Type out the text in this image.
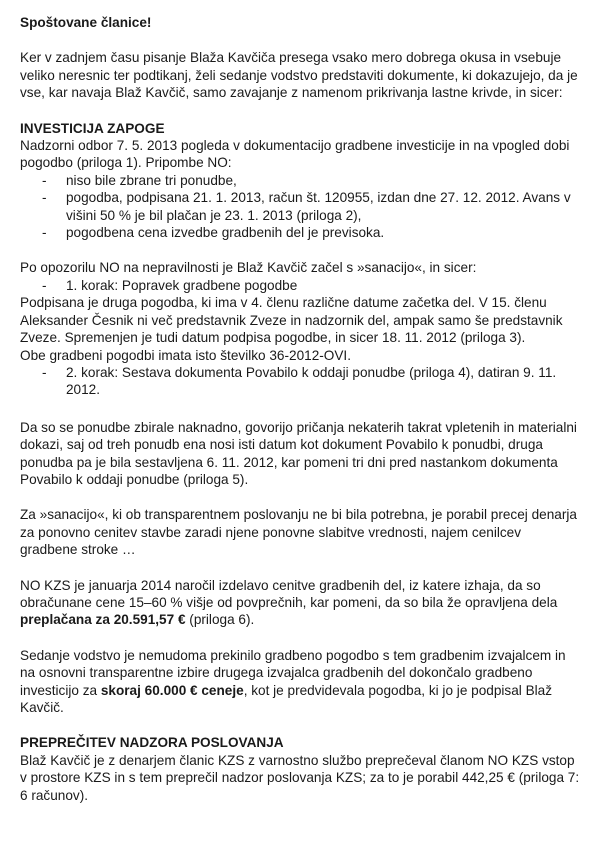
Spoštovane članice!

Ker v zadnjem času pisanje Blaža Kavčiča presega vsako mero dobrega okusa in vsebuje veliko neresnic ter podtikanj, želi sedanje vodstvo predstaviti dokumente, ki dokazujejo, da je vse, kar navaja Blaž Kavčič, samo zavajanje z namenom prikrivanja lastne krivde, in sicer:

INVESTICIJA ZAPOGE

Nadzorni odbor 7. 5. 2013 pogleda v dokumentacijo gradbene investicije in na vpogled dobi pogodbo (priloga 1). Pripombe NO:

- niso bile zbrane tri ponudbe,
- pogodba, podpisana 21. 1. 2013, račun št. 120955, izdan dne 27. 12. 2012. Avans v višini 50 % je bil plačan je 23. 1. 2013 (priloga 2),
- pogodbena cena izvedbe gradbenih del je previsoka.

Po opozorilu NO na nepravilnosti je Blaž Kavčič začel s »sanacijo«, in sicer:

- 1. korak: Popravek gradbene pogodbe

Podpisana je druga pogodba, ki ima v 4. členu različne datume začetka del. V 15. členu Aleksander Česnik ni več predstavnik Zveze in nadzornik del, ampak samo še predstavnik Zveze. Spremenjen je tudi datum podpisa pogodbe, in sicer 18. 11. 2012 (priloga 3).

Obe gradbeni pogodbi imata isto številko 36-2012-OVI.

- 2. korak: Sestava dokumenta Povabilo k oddaji ponudbe (priloga 4), datiran 9. 11. 2012.

Da so se ponudbe zbirale naknadno, govorijo pričanja nekaterih takrat vpletenih in materialni dokazi, saj od treh ponudb ena nosi isti datum kot dokument Povabilo k ponudbi, druga ponudba pa je bila sestavljena 6. 11. 2012, kar pomeni tri dni pred nastankom dokumenta Povabilo k oddaji ponudbe (priloga 5).

Za »sanacijo«, ki ob transparentnem poslovanju ne bi bila potrebna, je porabil precej denarja za ponovno cenitev stavbe zaradi njene ponovne slabitve vrednosti, najem cenilcev gradbene stroke …

NO KZS je januarja 2014 naročil izdelavo cenitve gradbenih del, iz katere izhaja, da so obračunane cene 15–60 % višje od povprečnih, kar pomeni, da so bila že opravljena dela preplačana za 20.591,57 € (priloga 6).

Sedanje vodstvo je nemudoma prekinilo gradbeno pogodbo s tem gradbenim izvajalcem in na osnovni transparentne izbire drugega izvajalca gradbenih del dokončalo gradbeno investicijo za skoraj 60.000 € ceneje, kot je predvidevala pogodba, ki jo je podpisal Blaž Kavčič.

PREPREČITEV NADZORA POSLOVANJA

Blaž Kavčič je z denarjem članic KZS z varnostno službo preprečeval članom NO KZS vstop v prostore KZS in s tem preprečil nadzor poslovanja KZS; za to je porabil 442,25 € (priloga 7: 6 računov).
